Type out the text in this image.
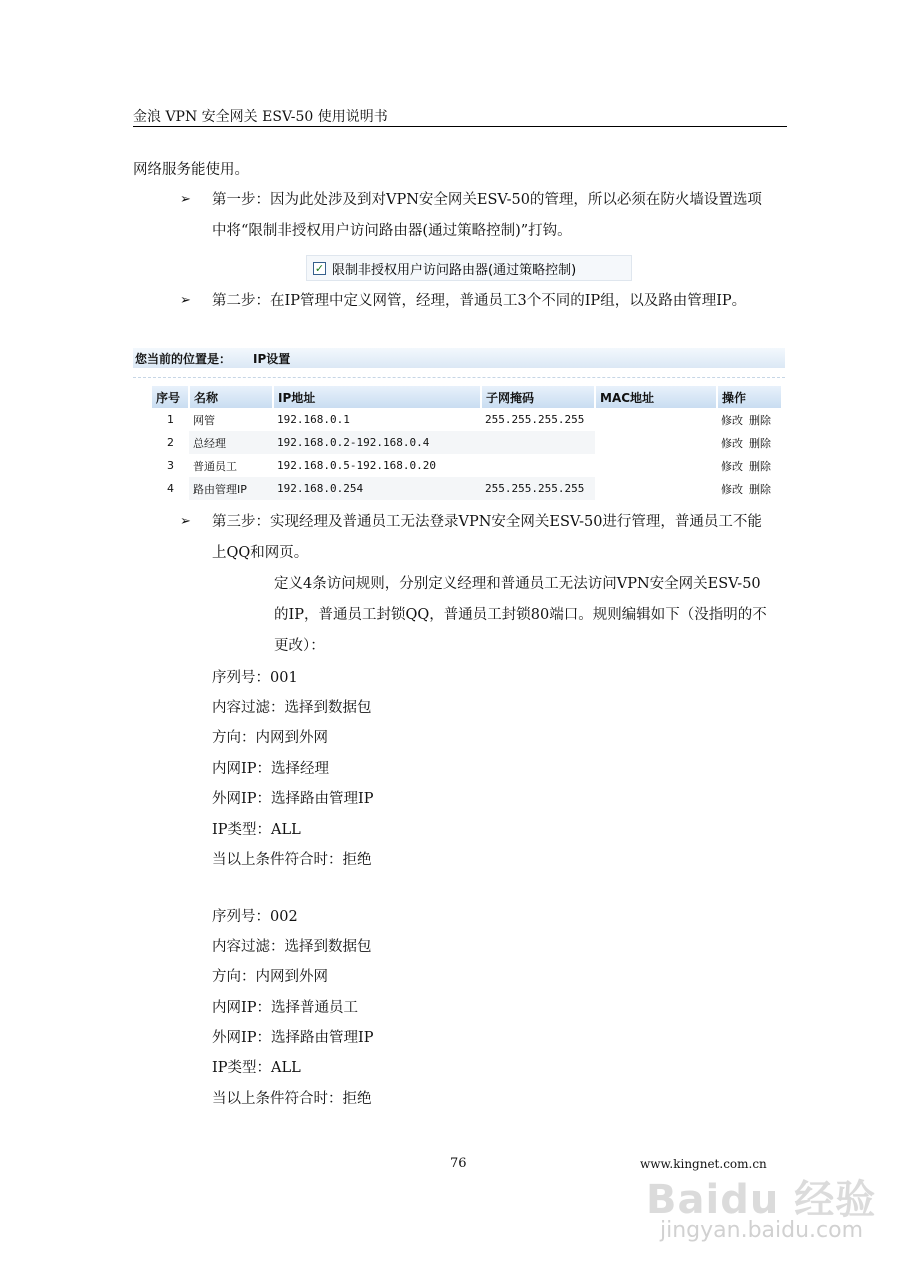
金浪 VPN 安全网关 ESV-50 使用说明书
网络服务能使用。
➢ 第一步：因为此处涉及到对VPN安全网关ESV-50的管理，所以必须在防火墙设置选项
中将“限制非授权用户访问路由器(通过策略控制)”打钩。
✓ 限制非授权用户访问路由器(通过策略控制)
➢ 第二步：在IP管理中定义网管，经理，普通员工3个不同的IP组，以及路由管理IP。
您当前的位置是： IP设置
序号	名称	IP地址	子网掩码	MAC地址	操作
1	网管	192.168.0.1	255.255.255.255		修改 删除
2	总经理	192.168.0.2-192.168.0.4			修改 删除
3	普通员工	192.168.0.5-192.168.0.20			修改 删除
4	路由管理IP	192.168.0.254	255.255.255.255		修改 删除
➢ 第三步：实现经理及普通员工无法登录VPN安全网关ESV-50进行管理，普通员工不能
上QQ和网页。
定义4条访问规则，分别定义经理和普通员工无法访问VPN安全网关ESV-50
的IP，普通员工封锁QQ，普通员工封锁80端口。规则编辑如下（没指明的不
更改）：
序列号：001
内容过滤：选择到数据包
方向：内网到外网
内网IP：选择经理
外网IP：选择路由管理IP
IP类型：ALL
当以上条件符合时：拒绝
序列号：002
内容过滤：选择到数据包
方向：内网到外网
内网IP：选择普通员工
外网IP：选择路由管理IP
IP类型：ALL
当以上条件符合时：拒绝
76	www.kingnet.com.cn
Baidu 经验
jingyan.baidu.com
